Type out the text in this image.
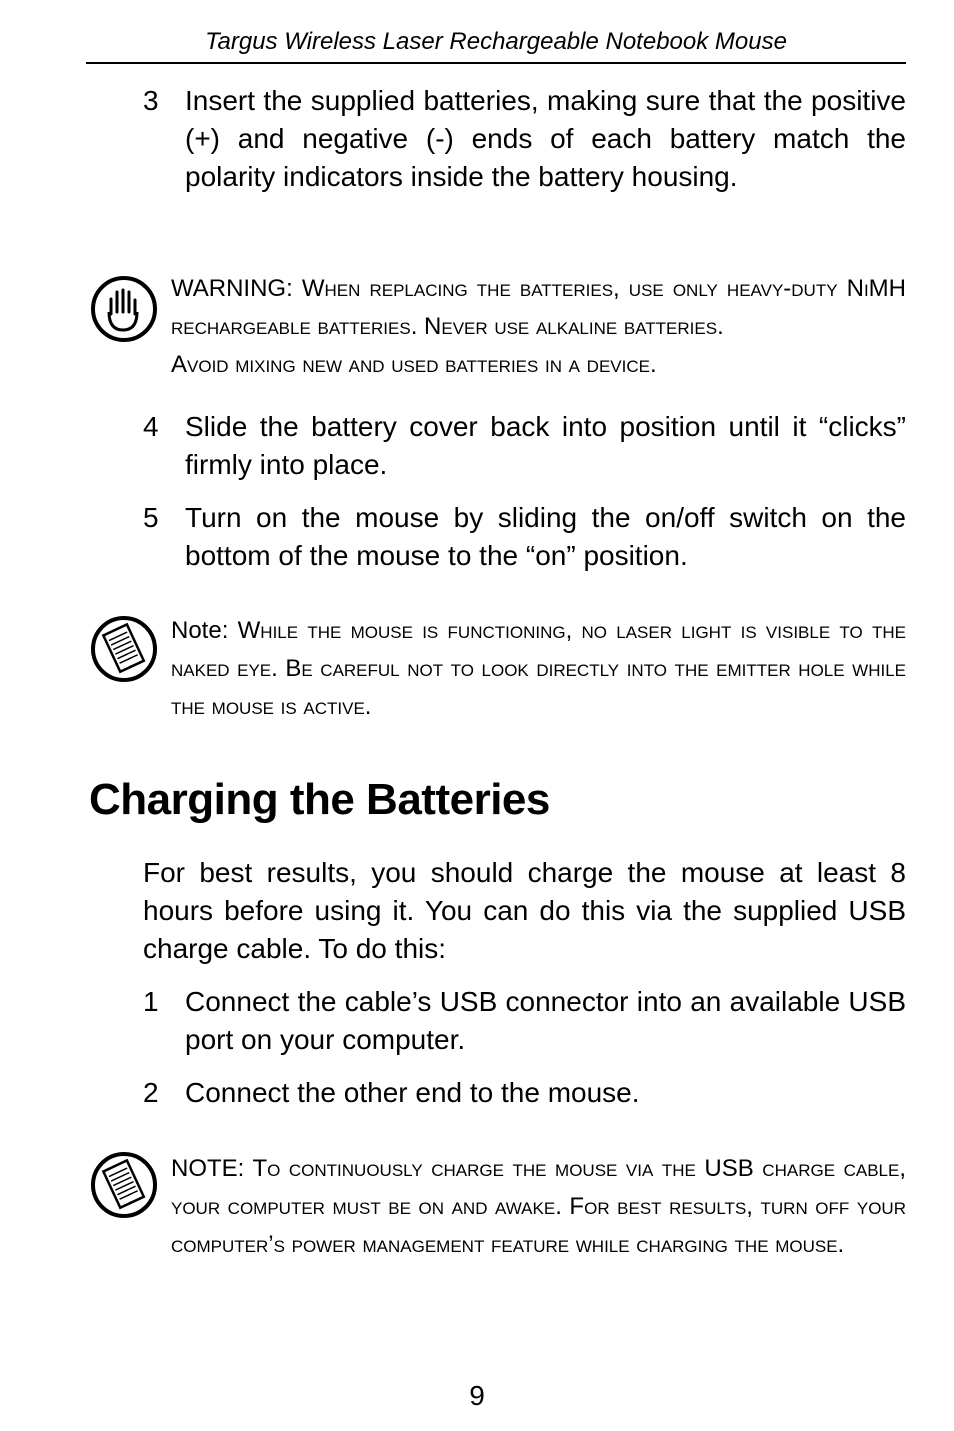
Targus Wireless Laser Rechargeable Notebook Mouse
3 Insert the supplied batteries, making sure that the positive (+) and negative (-) ends of each battery match the polarity indicators inside the battery housing.
WARNING: When replacing the batteries, use only heavy-duty NiMH rechargeable batteries. Never use alkaline batteries.
Avoid mixing new and used batteries in a device.
4 Slide the battery cover back into position until it “clicks” firmly into place.
5 Turn on the mouse by sliding the on/off switch on the bottom of the mouse to the “on” position.
Note: While the mouse is functioning, no laser light is visible to the naked eye. Be careful not to look directly into the emitter hole while the mouse is active.
Charging the Batteries
For best results, you should charge the mouse at least 8 hours before using it. You can do this via the supplied USB charge cable. To do this:
1 Connect the cable’s USB connector into an available USB port on your computer.
2 Connect the other end to the mouse.
NOTE: To continuously charge the mouse via the USB charge cable, your computer must be on and awake. For best results, turn off your computer’s power management feature while charging the mouse.
9
